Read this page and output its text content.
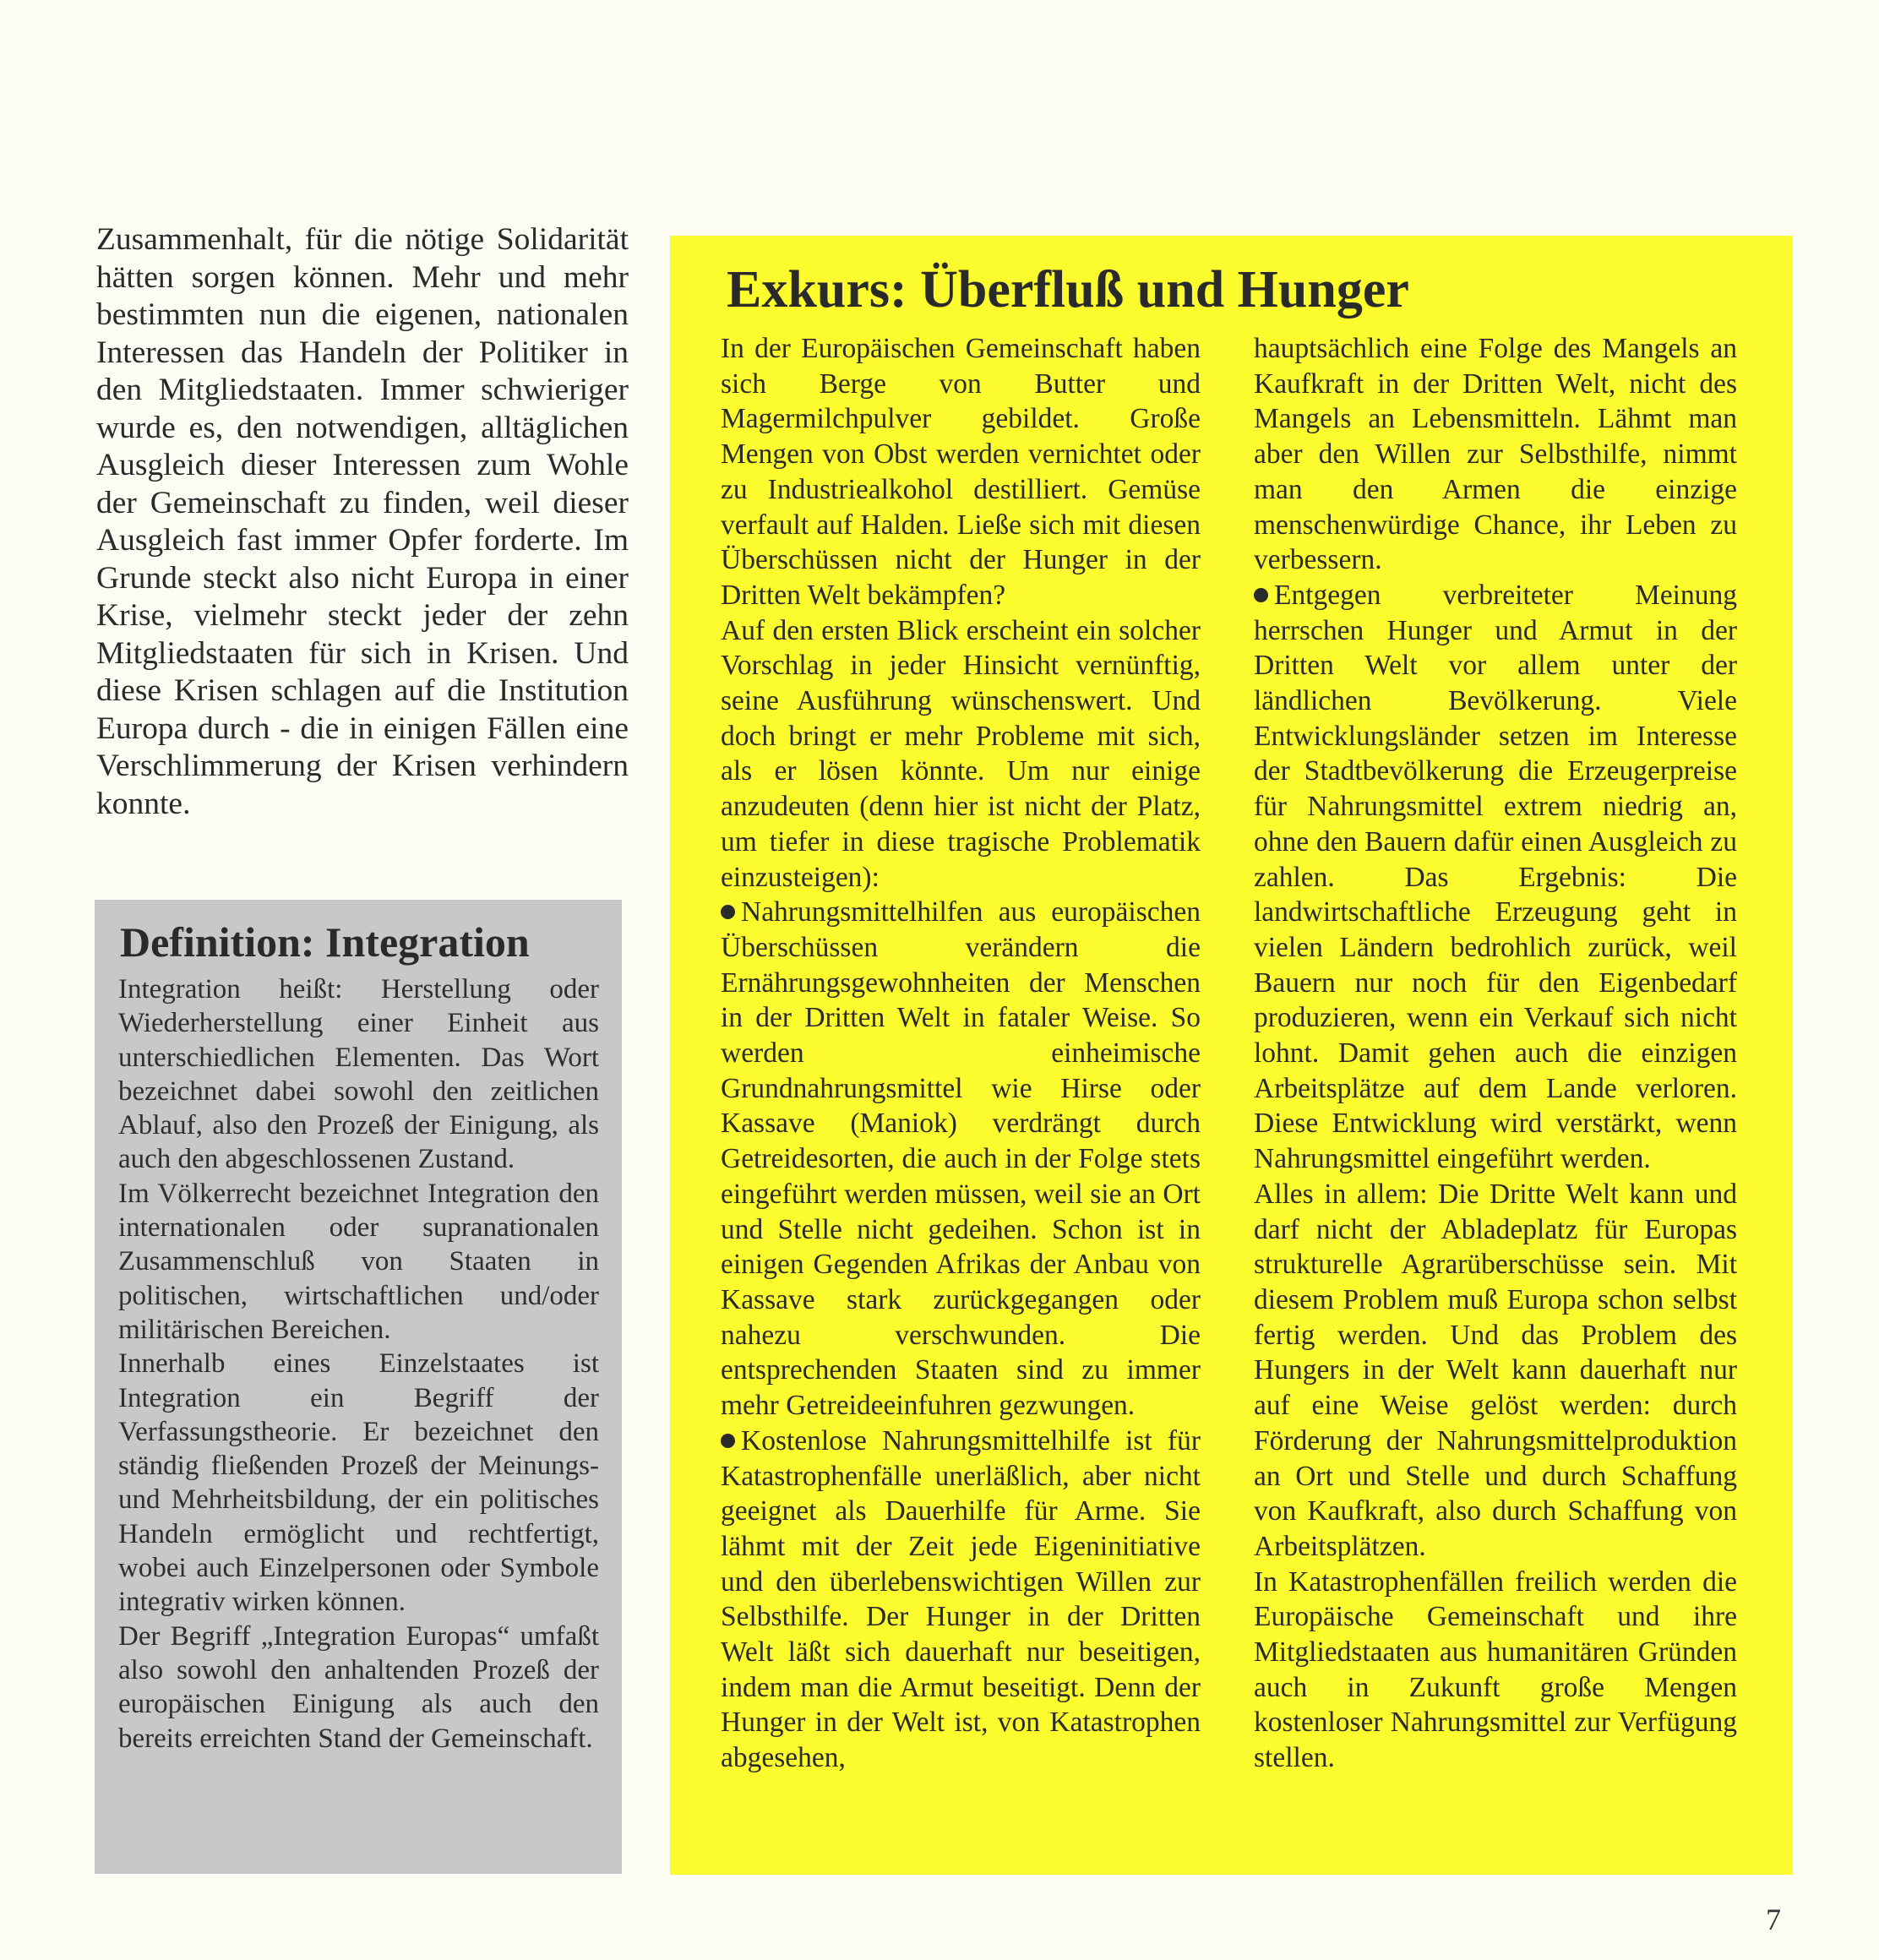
Zusammenhalt, für die nötige Solidarität hätten sorgen können. Mehr und mehr bestimmten nun die eigenen, nationalen Interessen das Handeln der Politiker in den Mitgliedstaaten. Immer schwieriger wurde es, den notwendigen, alltäglichen Ausgleich dieser Interessen zum Wohle der Gemeinschaft zu finden, weil dieser Ausgleich fast immer Opfer forderte. Im Grunde steckt also nicht Europa in einer Krise, vielmehr steckt jeder der zehn Mitgliedstaaten für sich in Krisen. Und diese Krisen schlagen auf die Institution Europa durch - die in einigen Fällen eine Verschlimmerung der Krisen verhindern konnte.
Definition: Integration

Integration heißt: Herstellung oder Wiederherstellung einer Einheit aus unterschiedlichen Elementen. Das Wort bezeichnet dabei sowohl den zeitlichen Ablauf, also den Prozeß der Einigung, als auch den abgeschlossenen Zustand.

Im Völkerrecht bezeichnet Integration den internationalen oder supranationalen Zusammenschluß von Staaten in politischen, wirtschaftlichen und/oder militärischen Bereichen.

Innerhalb eines Einzelstaates ist Integration ein Begriff der Verfassungstheorie. Er bezeichnet den ständig fließenden Prozeß der Meinungs- und Mehrheitsbildung, der ein politisches Handeln ermöglicht und rechtfertigt, wobei auch Einzelpersonen oder Symbole integrativ wirken können.

Der Begriff „Integration Europas“ umfaßt also sowohl den anhaltenden Prozeß der europäischen Einigung als auch den bereits erreichten Stand der Gemeinschaft.

Exkurs: Überfluß und Hunger

In der Europäischen Gemeinschaft haben sich Berge von Butter und Magermilchpulver gebildet. Große Mengen von Obst werden vernichtet oder zu Industriealkohol destilliert. Gemüse verfault auf Halden. Ließe sich mit diesen Überschüssen nicht der Hunger in der Dritten Welt bekämpfen?

Auf den ersten Blick erscheint ein solcher Vorschlag in jeder Hinsicht vernünftig, seine Ausführung wünschenswert. Und doch bringt er mehr Probleme mit sich, als er lösen könnte. Um nur einige anzudeuten (denn hier ist nicht der Platz, um tiefer in diese tragische Problematik einzusteigen):

Nahrungsmittelhilfen aus europäischen Überschüssen verändern die Ernährungsgewohnheiten der Menschen in der Dritten Welt in fataler Weise. So werden einheimische Grundnahrungsmittel wie Hirse oder Kassave (Maniok) verdrängt durch Getreidesorten, die auch in der Folge stets eingeführt werden müssen, weil sie an Ort und Stelle nicht gedeihen. Schon ist in einigen Gegenden Afrikas der Anbau von Kassave stark zurückgegangen oder nahezu verschwunden. Die entsprechenden Staaten sind zu immer mehr Getreideeinfuhren gezwungen.

Kostenlose Nahrungsmittelhilfe ist für Katastrophenfälle unerläßlich, aber nicht geeignet als Dauerhilfe für Arme. Sie lähmt mit der Zeit jede Eigeninitiative und den überlebenswichtigen Willen zur Selbsthilfe. Der Hunger in der Dritten Welt läßt sich dauerhaft nur beseitigen, indem man die Armut beseitigt. Denn der Hunger in der Welt ist, von Katastrophen abgesehen,

hauptsächlich eine Folge des Mangels an Kaufkraft in der Dritten Welt, nicht des Mangels an Lebensmitteln. Lähmt man aber den Willen zur Selbsthilfe, nimmt man den Armen die einzige menschenwürdige Chance, ihr Leben zu verbessern.

Entgegen verbreiteter Meinung herrschen Hunger und Armut in der Dritten Welt vor allem unter der ländlichen Bevölkerung. Viele Entwicklungsländer setzen im Interesse der Stadtbevölkerung die Erzeugerpreise für Nahrungsmittel extrem niedrig an, ohne den Bauern dafür einen Ausgleich zu zahlen. Das Ergebnis: Die landwirtschaftliche Erzeugung geht in vielen Ländern bedrohlich zurück, weil Bauern nur noch für den Eigenbedarf produzieren, wenn ein Verkauf sich nicht lohnt. Damit gehen auch die einzigen Arbeitsplätze auf dem Lande verloren. Diese Entwicklung wird verstärkt, wenn Nahrungsmittel eingeführt werden.

Alles in allem: Die Dritte Welt kann und darf nicht der Abladeplatz für Europas strukturelle Agrarüberschüsse sein. Mit diesem Problem muß Europa schon selbst fertig werden. Und das Problem des Hungers in der Welt kann dauerhaft nur auf eine Weise gelöst werden: durch Förderung der Nahrungsmittelproduktion an Ort und Stelle und durch Schaffung von Kaufkraft, also durch Schaffung von Arbeitsplätzen.

In Katastrophenfällen freilich werden die Europäische Gemeinschaft und ihre Mitgliedstaaten aus humanitären Gründen auch in Zukunft große Mengen kostenloser Nahrungsmittel zur Verfügung stellen.

7
